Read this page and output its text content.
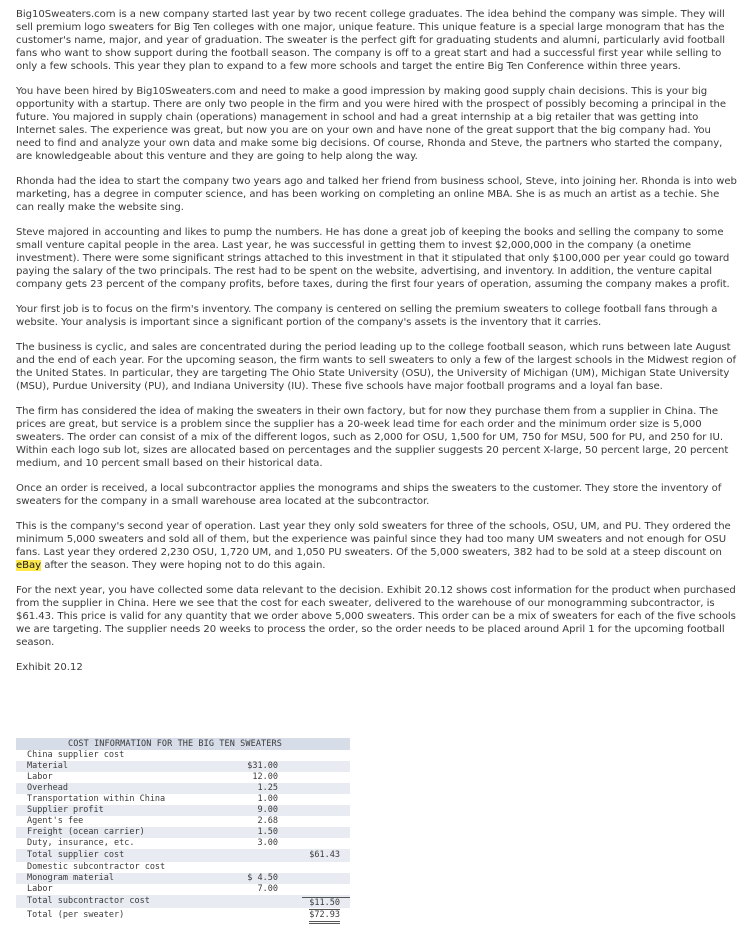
Big10Sweaters.com is a new company started last year by two recent college graduates. The idea behind the company was simple. They will sell premium logo sweaters for Big Ten colleges with one major, unique feature. This unique feature is a special large monogram that has the customer's name, major, and year of graduation. The sweater is the perfect gift for graduating students and alumni, particularly avid football fans who want to show support during the football season. The company is off to a great start and had a successful first year while selling to only a few schools. This year they plan to expand to a few more schools and target the entire Big Ten Conference within three years.

You have been hired by Big10Sweaters.com and need to make a good impression by making good supply chain decisions. This is your big opportunity with a startup. There are only two people in the firm and you were hired with the prospect of possibly becoming a principal in the future. You majored in supply chain (operations) management in school and had a great internship at a big retailer that was getting into Internet sales. The experience was great, but now you are on your own and have none of the great support that the big company had. You need to find and analyze your own data and make some big decisions. Of course, Rhonda and Steve, the partners who started the company, are knowledgeable about this venture and they are going to help along the way.

Rhonda had the idea to start the company two years ago and talked her friend from business school, Steve, into joining her. Rhonda is into web marketing, has a degree in computer science, and has been working on completing an online MBA. She is as much an artist as a techie. She can really make the website sing.

Steve majored in accounting and likes to pump the numbers. He has done a great job of keeping the books and selling the company to some small venture capital people in the area. Last year, he was successful in getting them to invest $2,000,000 in the company (a onetime investment). There were some significant strings attached to this investment in that it stipulated that only $100,000 per year could go toward paying the salary of the two principals. The rest had to be spent on the website, advertising, and inventory. In addition, the venture capital company gets 23 percent of the company profits, before taxes, during the first four years of operation, assuming the company makes a profit.

Your first job is to focus on the firm's inventory. The company is centered on selling the premium sweaters to college football fans through a website. Your analysis is important since a significant portion of the company's assets is the inventory that it carries.

The business is cyclic, and sales are concentrated during the period leading up to the college football season, which runs between late August and the end of each year. For the upcoming season, the firm wants to sell sweaters to only a few of the largest schools in the Midwest region of the United States. In particular, they are targeting The Ohio State University (OSU), the University of Michigan (UM), Michigan State University (MSU), Purdue University (PU), and Indiana University (IU). These five schools have major football programs and a loyal fan base.

The firm has considered the idea of making the sweaters in their own factory, but for now they purchase them from a supplier in China. The prices are great, but service is a problem since the supplier has a 20-week lead time for each order and the minimum order size is 5,000 sweaters. The order can consist of a mix of the different logos, such as 2,000 for OSU, 1,500 for UM, 750 for MSU, 500 for PU, and 250 for IU. Within each logo sub lot, sizes are allocated based on percentages and the supplier suggests 20 percent X-large, 50 percent large, 20 percent medium, and 10 percent small based on their historical data.

Once an order is received, a local subcontractor applies the monograms and ships the sweaters to the customer. They store the inventory of sweaters for the company in a small warehouse area located at the subcontractor.

This is the company's second year of operation. Last year they only sold sweaters for three of the schools, OSU, UM, and PU. They ordered the minimum 5,000 sweaters and sold all of them, but the experience was painful since they had too many UM sweaters and not enough for OSU fans. Last year they ordered 2,230 OSU, 1,720 UM, and 1,050 PU sweaters. Of the 5,000 sweaters, 382 had to be sold at a steep discount on eBay after the season. They were hoping not to do this again.

For the next year, you have collected some data relevant to the decision. Exhibit 20.12 shows cost information for the product when purchased from the supplier in China. Here we see that the cost for each sweater, delivered to the warehouse of our monogramming subcontractor, is $61.43. This price is valid for any quantity that we order above 5,000 sweaters. This order can be a mix of sweaters for each of the five schools we are targeting. The supplier needs 20 weeks to process the order, so the order needs to be placed around April 1 for the upcoming football season.

Exhibit 20.12

COST INFORMATION FOR THE BIG TEN SWEATERS
China supplier cost
Material	$31.00
Labor	12.00
Overhead	1.25
Transportation within China	1.00
Supplier profit	9.00
Agent's fee	2.68
Freight (ocean carrier)	1.50
Duty, insurance, etc.	3.00
Total supplier cost	$61.43
Domestic subcontractor cost
Monogram material	$ 4.50
Labor	7.00
Total subcontractor cost	$11.50
Total (per sweater)	$72.93
